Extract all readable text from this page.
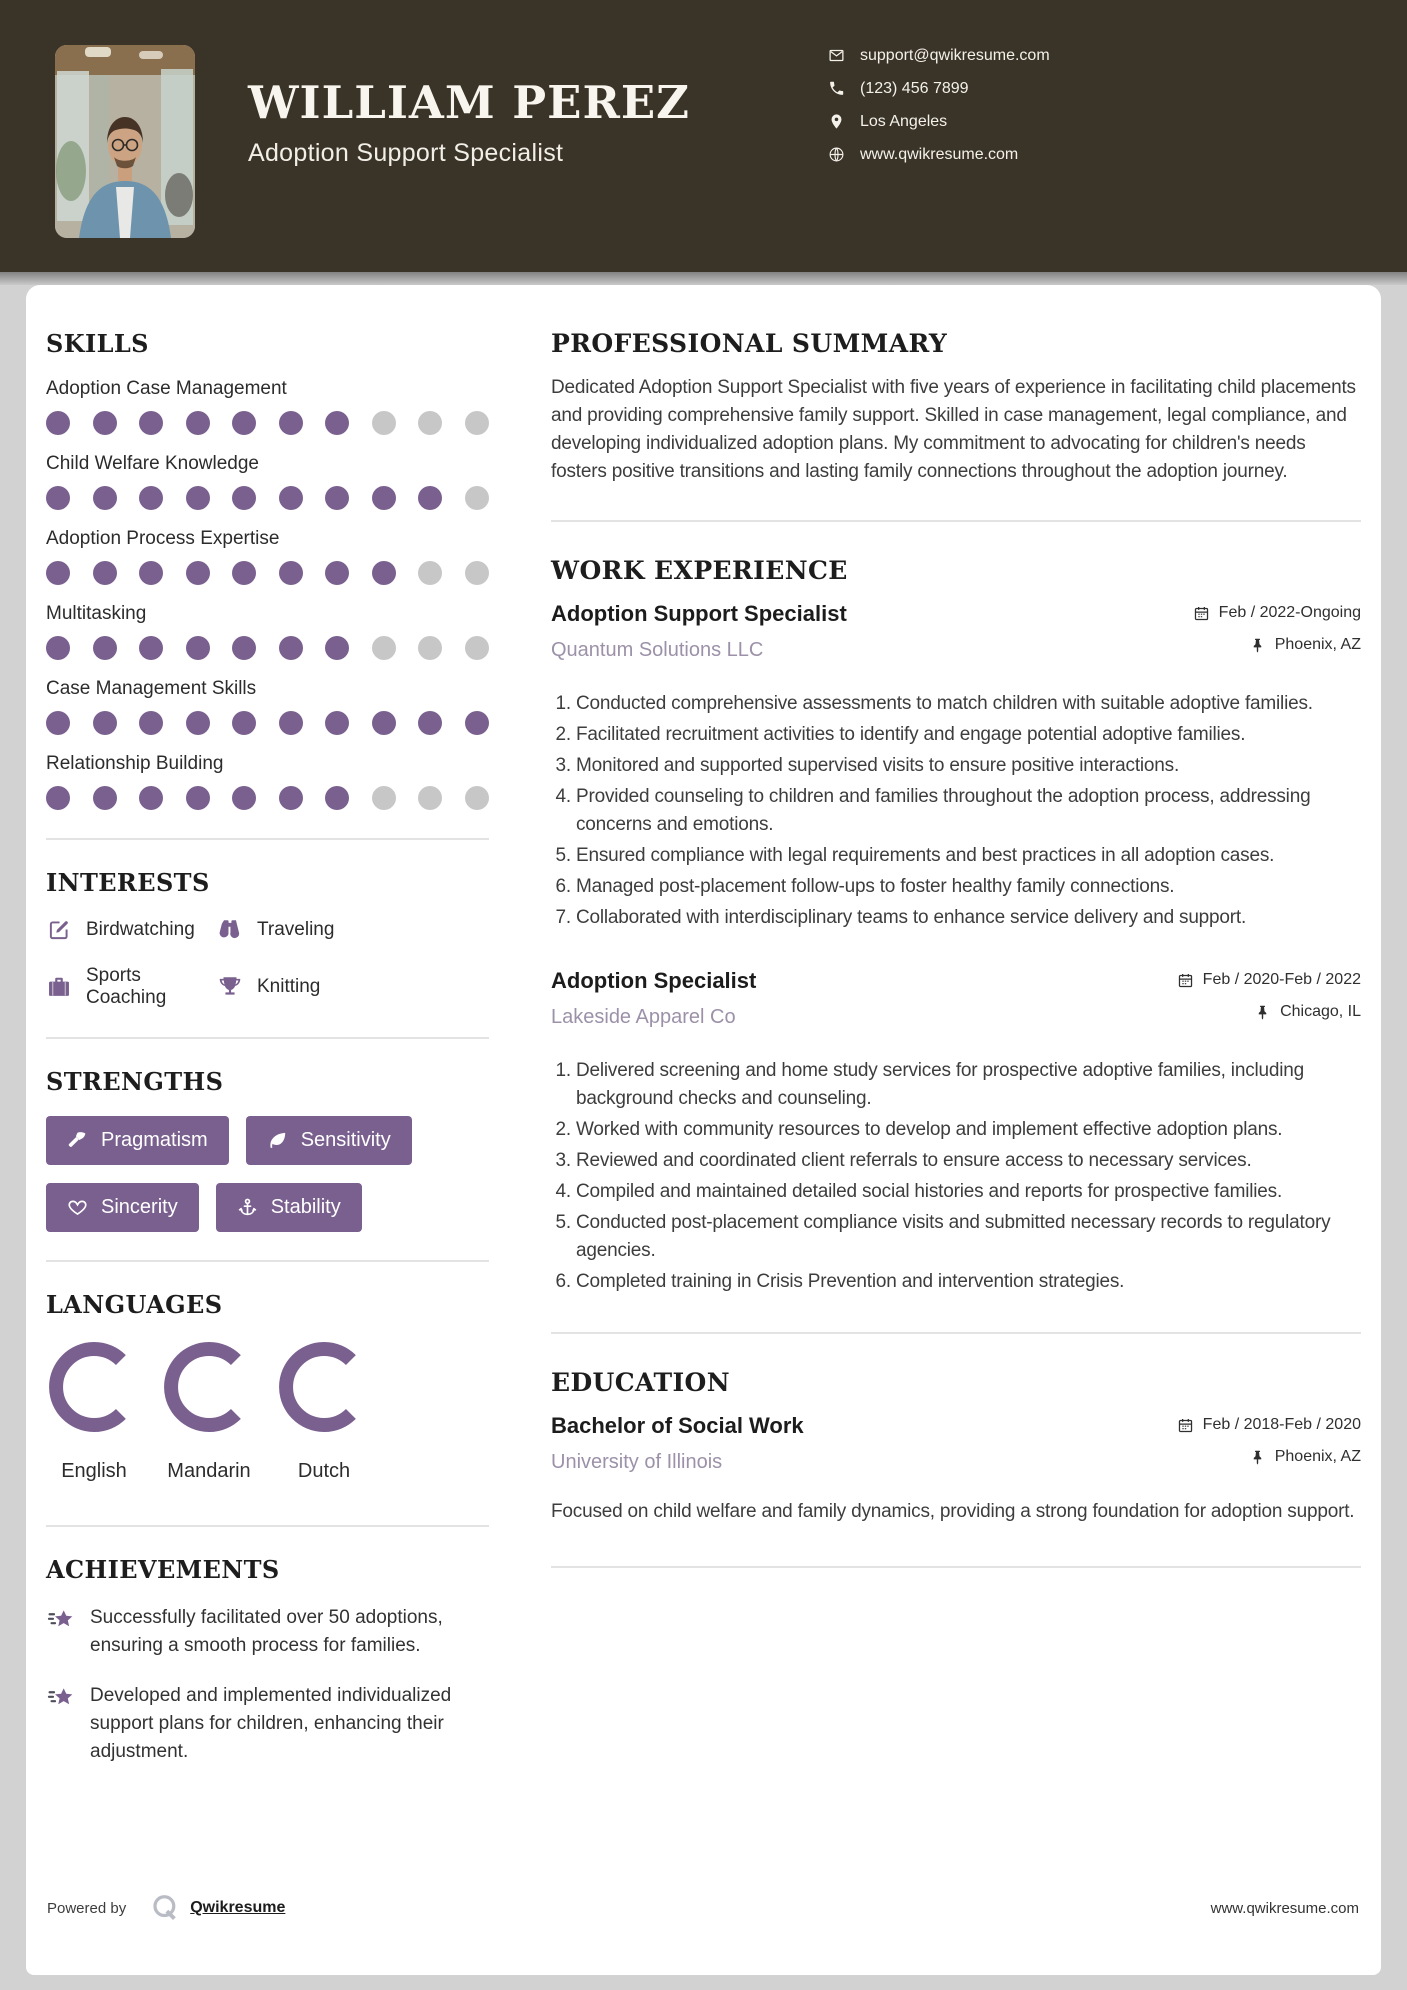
WILLIAM PEREZ
Adoption Support Specialist
support@qwikresume.com
(123) 456 7899
Los Angeles
www.qwikresume.com
SKILLS
Adoption Case Management
Child Welfare Knowledge
Adoption Process Expertise
Multitasking
Case Management Skills
Relationship Building
INTERESTS
Birdwatching	Traveling
Sports Coaching
Knitting
STRENGTHS
Pragmatism	Sensitivity
Sincerity	Stability
LANGUAGES
English	Mandarin	Dutch
ACHIEVEMENTS

Successfully facilitated over 50 adoptions, ensuring a smooth process for families.

Developed and implemented individualized support plans for children, enhancing their adjustment.

PROFESSIONAL SUMMARY

Dedicated Adoption Support Specialist with five years of experience in facilitating child placements and providing comprehensive family support. Skilled in case management, legal compliance, and developing individualized adoption plans. My commitment to advocating for children's needs fosters positive transitions and lasting family connections throughout the adoption journey.

WORK EXPERIENCE
Adoption Support Specialist
Quantum Solutions LLC
Feb / 2022-Ongoing
Phoenix, AZ
1. Conducted comprehensive assessments to match children with suitable adoptive families.
2. Facilitated recruitment activities to identify and engage potential adoptive families.
3. Monitored and supported supervised visits to ensure positive interactions.
4. Provided counseling to children and families throughout the adoption process, addressing concerns and emotions.
5. Ensured compliance with legal requirements and best practices in all adoption cases.
6. Managed post-placement follow-ups to foster healthy family connections.
7. Collaborated with interdisciplinary teams to enhance service delivery and support.
Adoption Specialist
Lakeside Apparel Co
Feb / 2020-Feb / 2022
Chicago, IL
1. Delivered screening and home study services for prospective adoptive families, including background checks and counseling.
2. Worked with community resources to develop and implement effective adoption plans.
3. Reviewed and coordinated client referrals to ensure access to necessary services.
4. Compiled and maintained detailed social histories and reports for prospective families.
5. Conducted post-placement compliance visits and submitted necessary records to regulatory agencies.
6. Completed training in Crisis Prevention and intervention strategies.
EDUCATION
Bachelor of Social Work
University of Illinois
Feb / 2018-Feb / 2020
Phoenix, AZ

Focused on child welfare and family dynamics, providing a strong foundation for adoption support.

Powered by	Qwikresume	www.qwikresume.com
